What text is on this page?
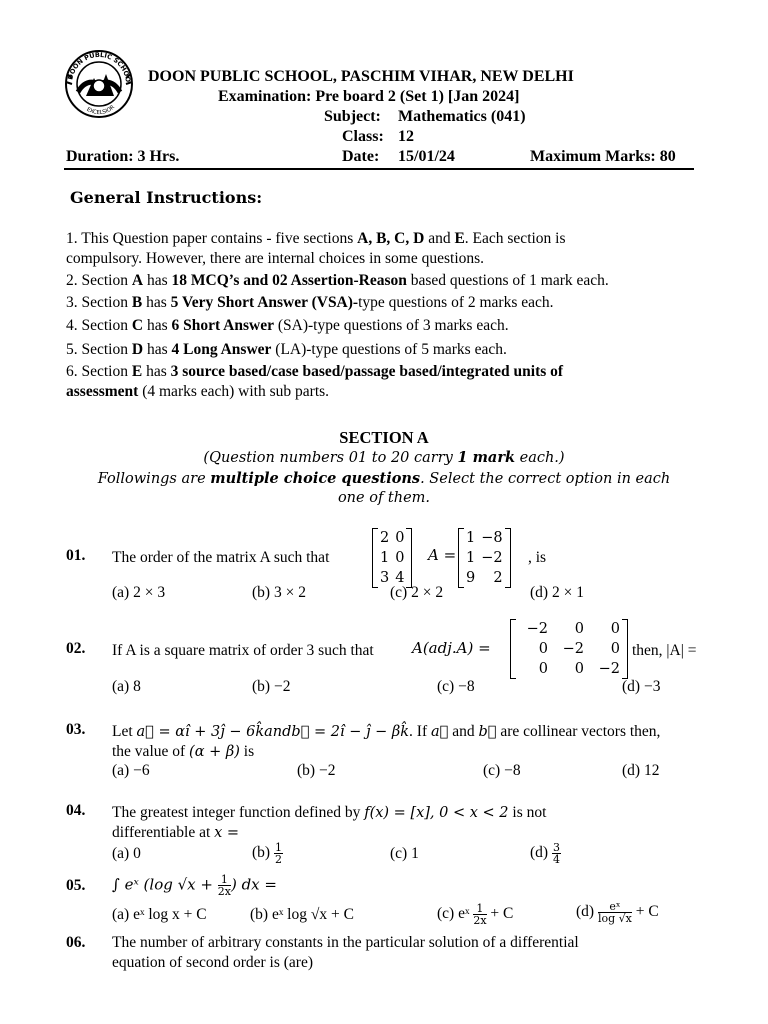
DOON PUBLIC SCHOO
EXCELSIOR
DOON PUBLIC SCHOOL, PASCHIM VIHAR, NEW DELHI
Examination: Pre board 2 (Set 1) [Jan 2024]
Subject: Mathematics (041)
Class: 12
Duration: 3 Hrs.	Date: 15/01/24	Maximum Marks: 80
General Instructions:
1. This Question paper contains - five sections A, B, C, D and E. Each section is
compulsory. However, there are internal choices in some questions.
2. Section A has 18 MCQ’s and 02 Assertion-Reason based questions of 1 mark each.
3. Section B has 5 Very Short Answer (VSA)-type questions of 2 marks each.
4. Section C has 6 Short Answer (SA)-type questions of 3 marks each.
5. Section D has 4 Long Answer (LA)-type questions of 5 marks each.
6. Section E has 3 source based/case based/passage based/integrated units of
assessment (4 marks each) with sub parts.
SECTION A
(Question numbers 01 to 20 carry 1 mark each.)
Followings are multiple choice questions. Select the correct option in each
one of them.
01. The order of the matrix A such that
2 0
1 0
3 4
A =
1 −8
1 −2
9	2
, is
(a) 2 × 3	(b) 3 × 2	(c) 2 × 2	(d) 2 × 1
02. If A is a square matrix of order 3 such that	A(adj.A) =
−2	0	0
0	−2	0
0	0	−2
then, |A| =
(a) 8	(b) −2	(c) −8	(d) −3
03. Let a⃗ = αî + 3ĵ − 6k̂andb⃗ = 2î − ĵ − βk̂. If a⃗ and b⃗ are collinear vectors then,
the value of (α + β) is
(a) −6	(b) −2	(c) −8	(d) 12
04. The greatest integer function defined by f(x) = [x], 0 < x < 2 is not
differentiable at x =
(a) 0	$(b) \frac{1}{2}$	(c) 1	$(d) \frac{3}{4}$
05. ∫ eˣ (log $√x + \frac{1}{2x}$ ) dx =
(a) eˣ log x + C	(b) eˣ log √x + C	(c) eˣ $\frac{1}{2x} + C$	$(d) \frac{\text{eˣ}}{\log √x} + C$
06. The number of arbitrary constants in the particular solution of a differential
equation of second order is (are)
